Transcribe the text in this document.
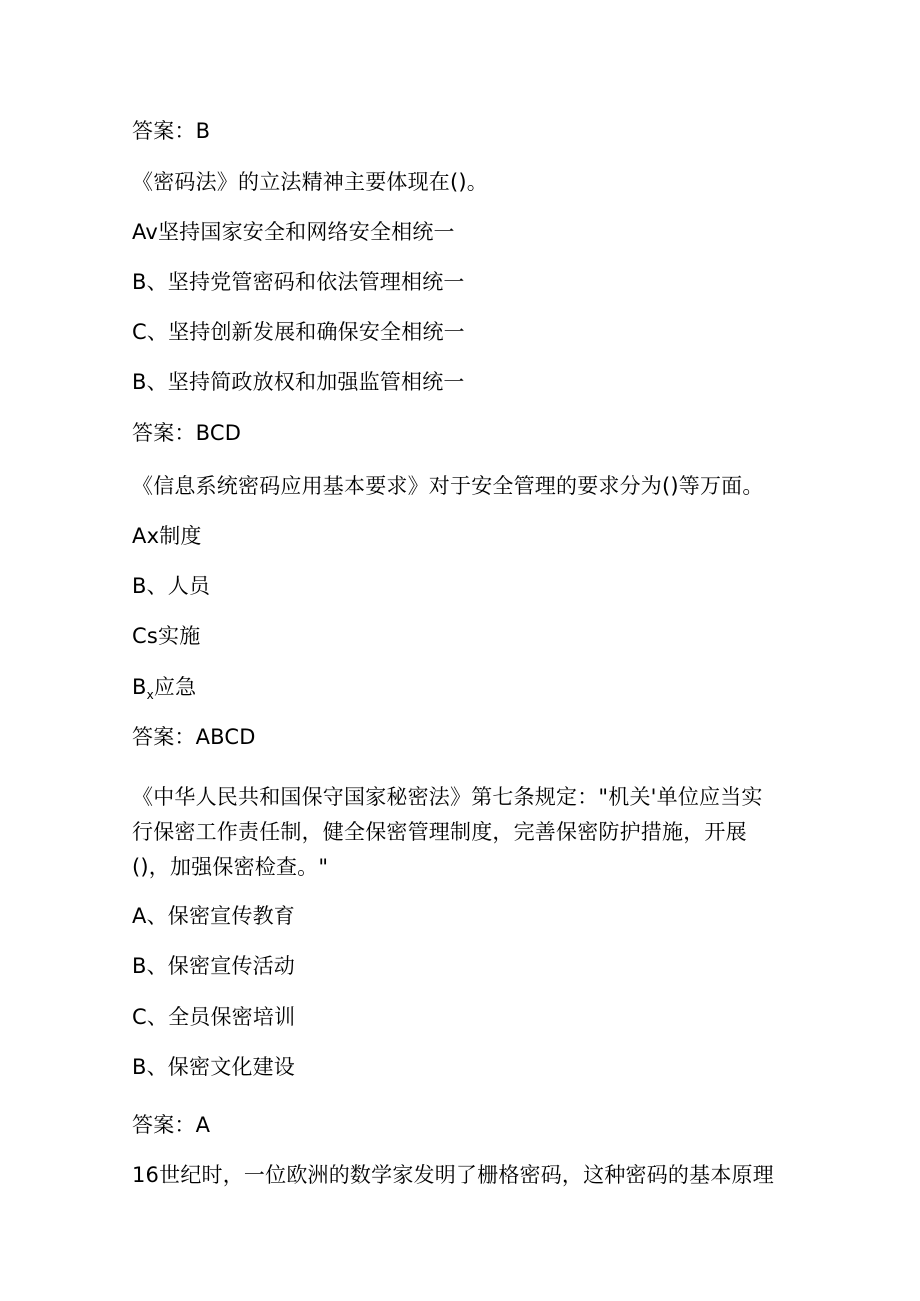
答案：B
《密码法》的立法精神主要体现在()。
Av坚持国家安全和网络安全相统一
B、坚持党管密码和依法管理相统一
C、坚持创新发展和确保安全相统一
B、坚持简政放权和加强监管相统一
答案：BCD
《信息系统密码应用基本要求》对于安全管理的要求分为()等万面。
Ax制度
B、人员
Cs实施
$B_x$应急
答案：ABCD
《中华人民共和国保守国家秘密法》第七条规定："机关'单位应当实
行保密工作责任制，健全保密管理制度，完善保密防护措施，开展
()，加强保密检查。"
A、保密宣传教育
B、保密宣传活动
C、全员保密培训
B、保密文化建设
答案：A
16世纪时，一位欧洲的数学家发明了栅格密码，这种密码的基本原理
